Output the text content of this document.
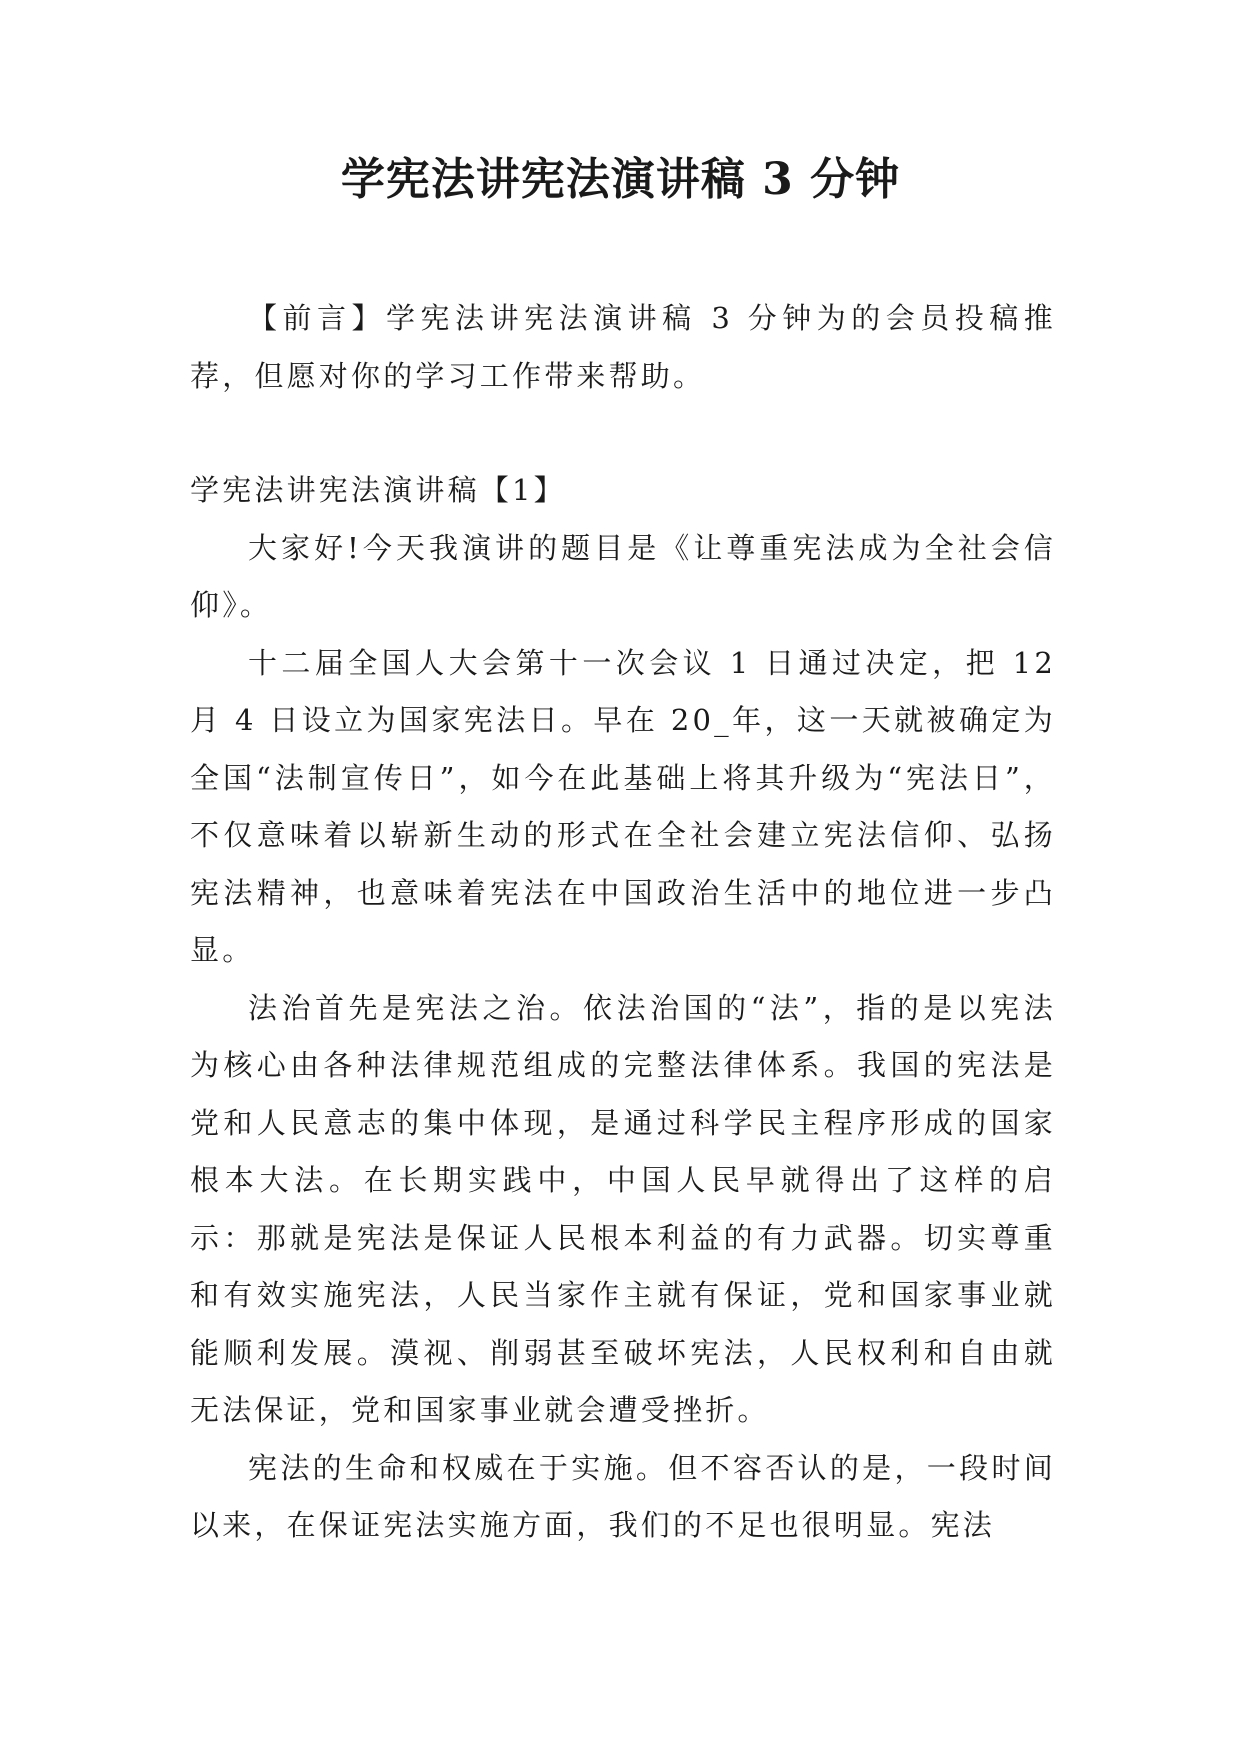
学宪法讲宪法演讲稿 3 分钟

【前言】学宪法讲宪法演讲稿 3 分钟为的会员投稿推荐，但愿对你的学习工作带来帮助。

学宪法讲宪法演讲稿【1】

大家好!今天我演讲的题目是《让尊重宪法成为全社会信仰》。

十二届全国人大会第十一次会议 1 日通过决定，把 12 月 4 日设立为国家宪法日。早在 20_年，这一天就被确定为全国“法制宣传日”，如今在此基础上将其升级为“宪法日”，不仅意味着以崭新生动的形式在全社会建立宪法信仰、弘扬宪法精神，也意味着宪法在中国政治生活中的地位进一步凸显。

法治首先是宪法之治。依法治国的“法”，指的是以宪法为核心由各种法律规范组成的完整法律体系。我国的宪法是党和人民意志的集中体现，是通过科学民主程序形成的国家根本大法。在长期实践中，中国人民早就得出了这样的启示：那就是宪法是保证人民根本利益的有力武器。切实尊重和有效实施宪法，人民当家作主就有保证，党和国家事业就能顺利发展。漠视、削弱甚至破坏宪法，人民权利和自由就无法保证，党和国家事业就会遭受挫折。

宪法的生命和权威在于实施。但不容否认的是，一段时间以来，在保证宪法实施方面，我们的不足也很明显。宪法
